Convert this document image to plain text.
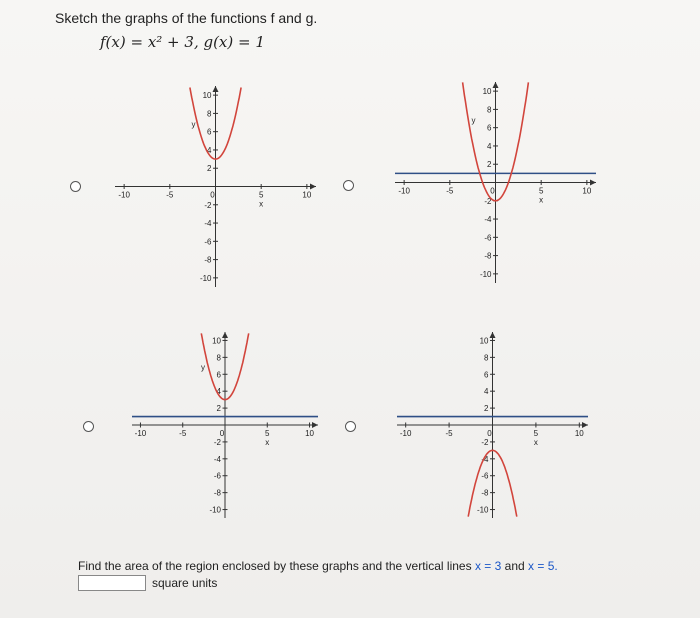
Sketch the graphs of the functions f and g.
f(x) = x² + 3, g(x) = 1
-10	-5	0	5	10
10
8
6
4
2
-2
-4
-6
-8
-10
x
y
-10	-5	0	5	10
10
8
6
4
2
-2
-4
-6
-8
-10
x
y
-10	-5	0	5	10
10
8
6
4
2
-2
-4
-6
-8
-10
x
y
-10	-5	0	5	10
10
8
6
4
2
-2
-4
-6
-8
-10
x
Find the area of the region enclosed by these graphs and the vertical lines x = 3 and x = 5.
square units
